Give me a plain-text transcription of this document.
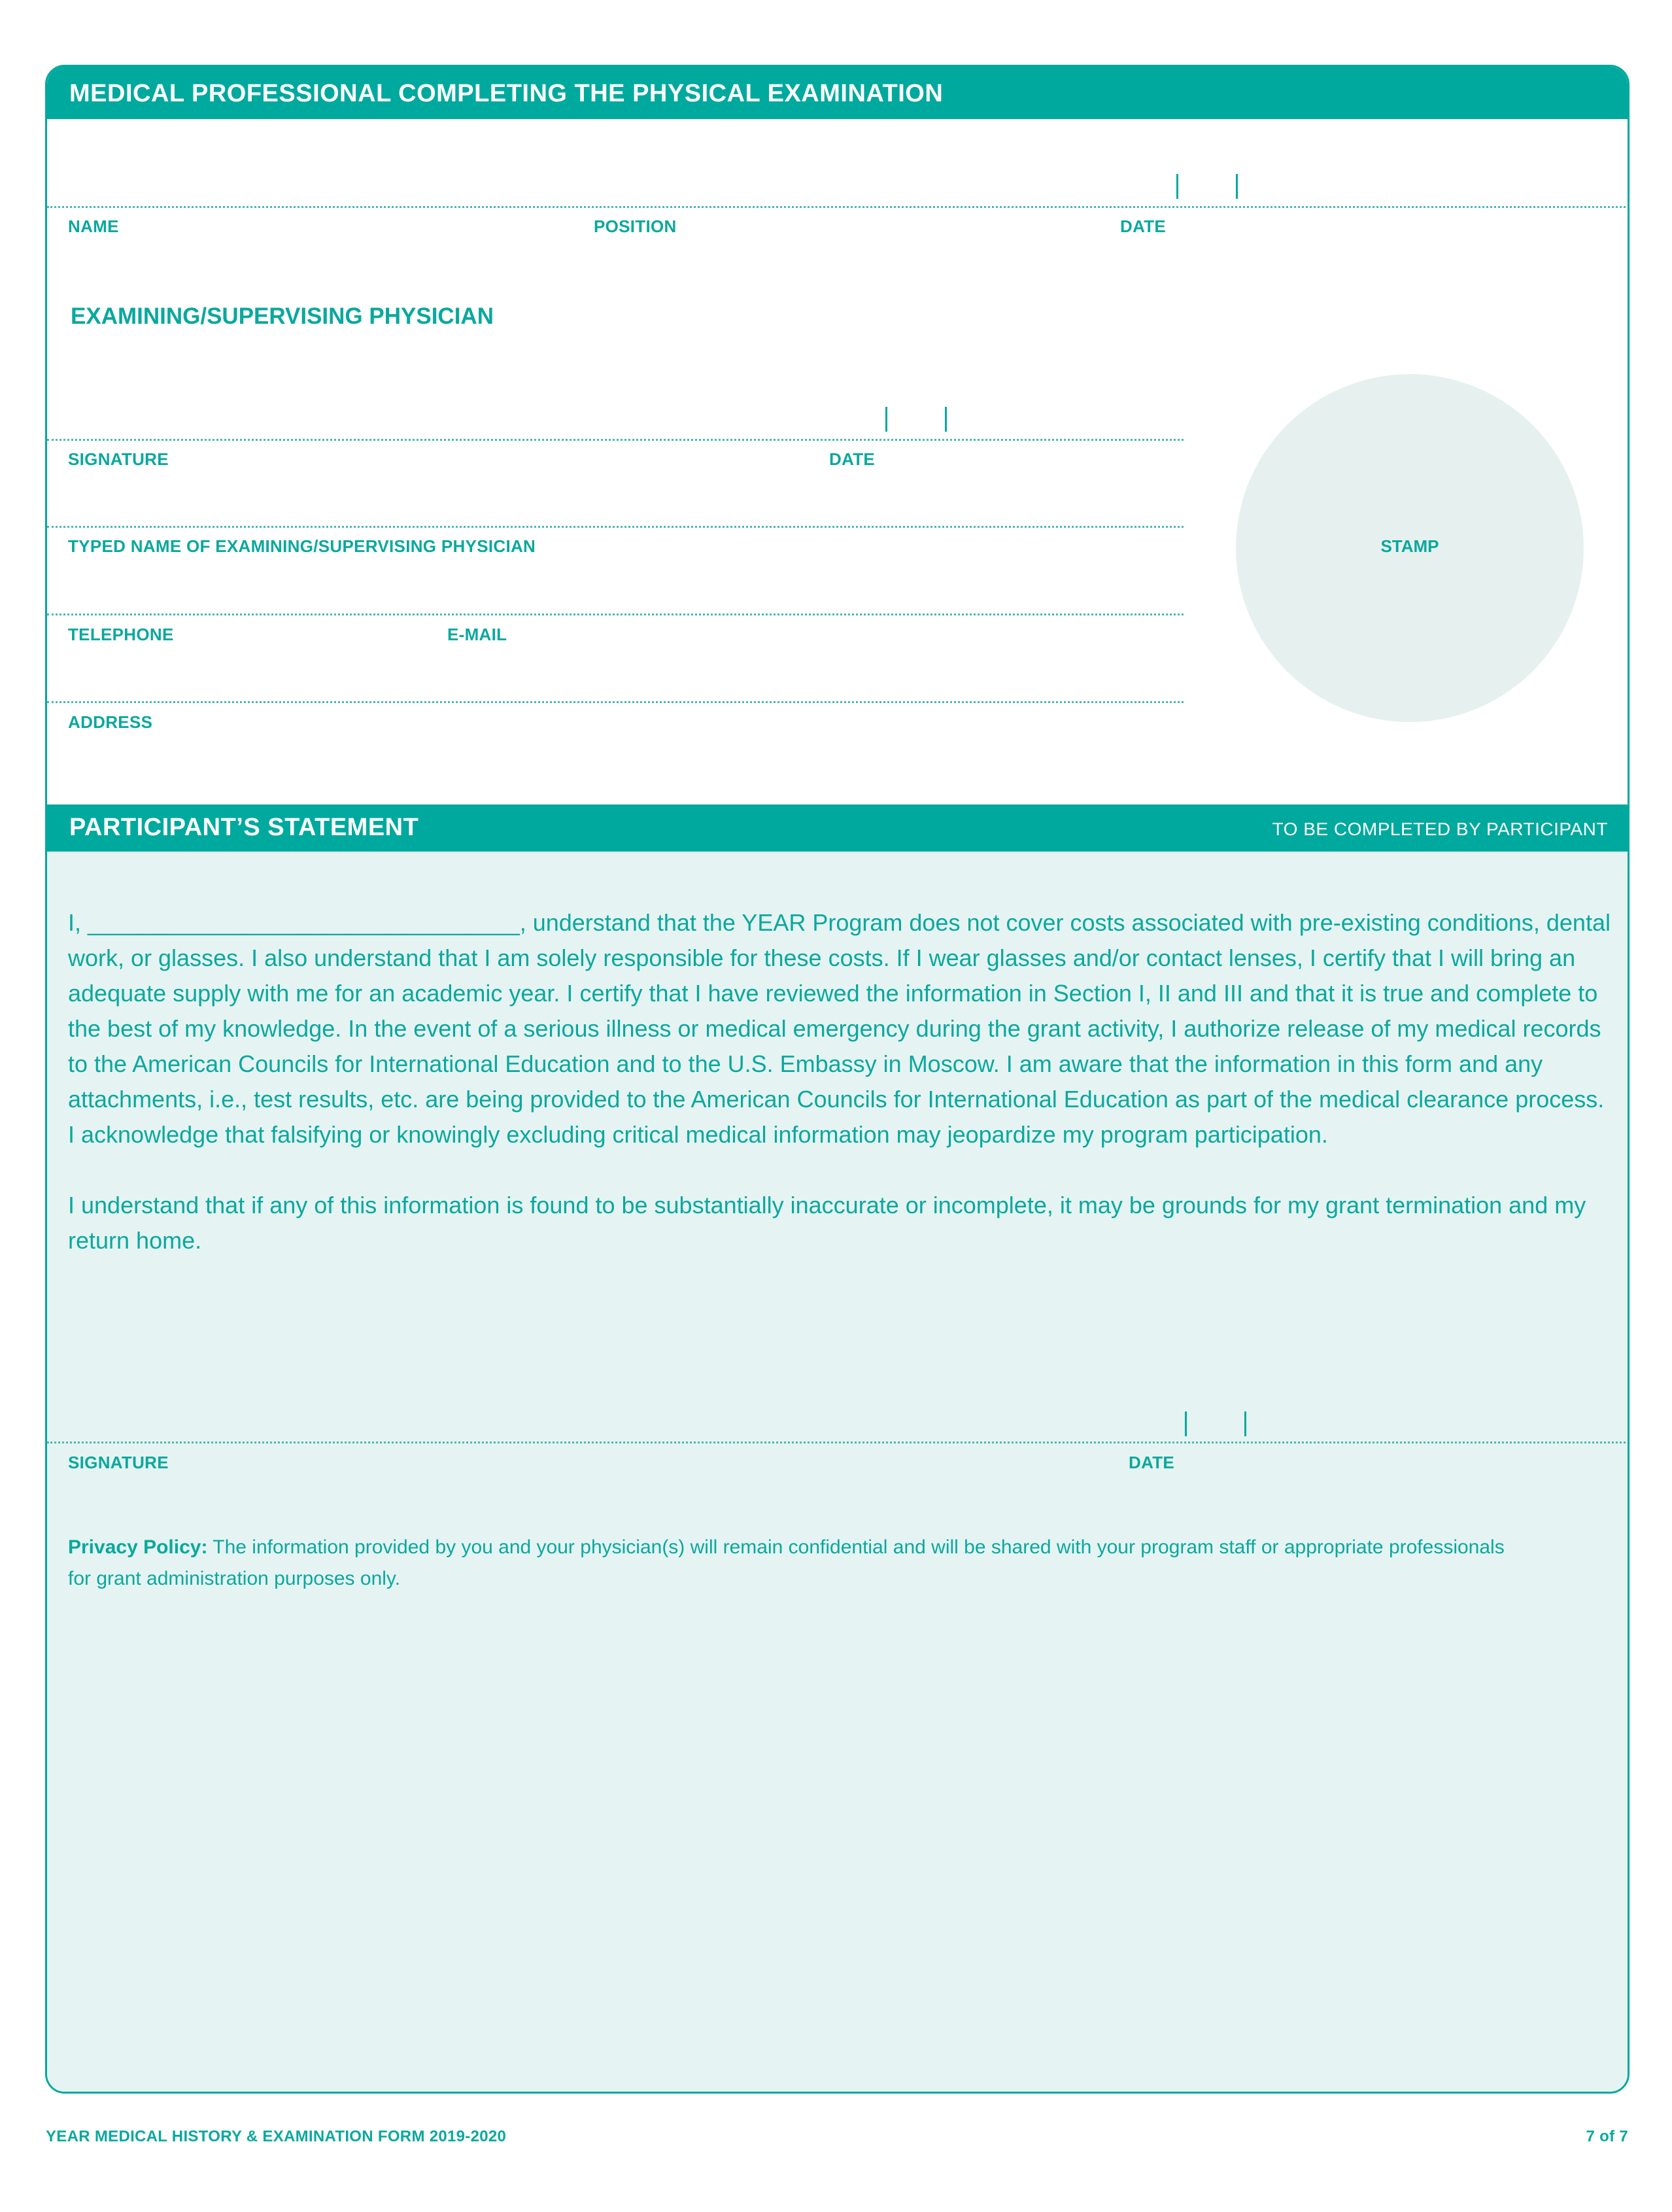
MEDICAL PROFESSIONAL COMPLETING THE PHYSICAL EXAMINATION
NAME	POSITION	DATE
EXAMINING/SUPERVISING PHYSICIAN
SIGNATURE	DATE
TYPED NAME OF EXAMINING/SUPERVISING PHYSICIAN
TELEPHONE	E-MAIL
ADDRESS
STAMP
PARTICIPANT’S STATEMENT	TO BE COMPLETED BY PARTICIPANT

I, _________________________________, understand that the YEAR Program does not cover costs associated with pre-existing conditions, dental work, or glasses. I also understand that I am solely responsible for these costs. If I wear glasses and/or contact lenses, I certify that I will bring an adequate supply with me for an academic year. I certify that I have reviewed the information in Section I, II and III and that it is true and complete to the best of my knowledge. In the event of a serious illness or medical emergency during the grant activity, I authorize release of my medical records to the American Councils for International Education and to the U.S. Embassy in Moscow. I am aware that the information in this form and any attachments, i.e., test results, etc. are being provided to the American Councils for International Education as part of the medical clearance process. I acknowledge that falsifying or knowingly excluding critical medical information may jeopardize my program participation.

I understand that if any of this information is found to be substantially inaccurate or incomplete, it may be grounds for my grant termination and my return home.

SIGNATURE	DATE
Privacy Policy: The information provided by you and your physician(s) will remain confidential and will be shared with your program staff or appropriate professionals for grant administration purposes only.
YEAR MEDICAL HISTORY & EXAMINATION FORM 2019-2020	7 of 7
